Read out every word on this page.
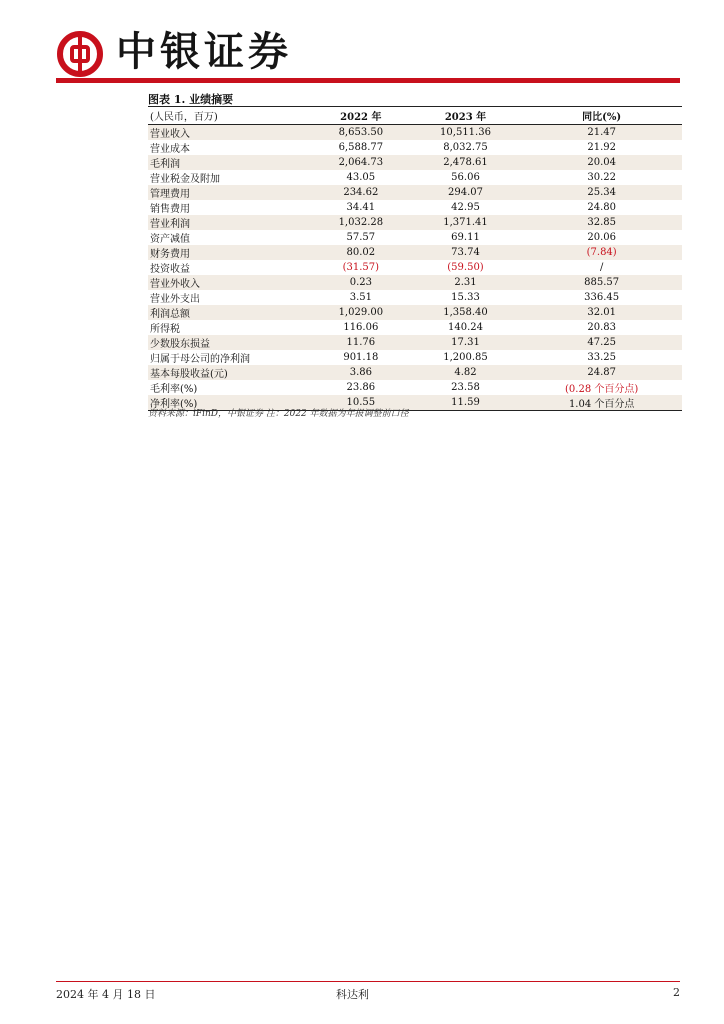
中银证券
图表 1. 业绩摘要
(人民币，百万)	2022 年	2023 年	同比(%)
营业收入	8,653.50	10,511.36	21.47
营业成本	6,588.77	8,032.75	21.92
毛利润	2,064.73	2,478.61	20.04
营业税金及附加	43.05	56.06	30.22
管理费用	234.62	294.07	25.34
销售费用	34.41	42.95	24.80
营业利润	1,032.28	1,371.41	32.85
资产减值	57.57	69.11	20.06
财务费用	80.02	73.74	(7.84)
投资收益	(31.57)	(59.50)	/
营业外收入	0.23	2.31	885.57
营业外支出	3.51	15.33	336.45
利润总额	1,029.00	1,358.40	32.01
所得税	116.06	140.24	20.83
少数股东损益	11.76	17.31	47.25
归属于母公司的净利润	901.18	1,200.85	33.25
基本每股收益(元)	3.86	4.82	24.87
毛利率(%)	23.86	23.58	(0.28 个百分点)
净利率(%)	10.55	11.59	1.04 个百分点
资料来源：iFinD，中银证券 注：2022 年数据为年报调整前口径
2024 年 4 月 18 日	科达利	2
